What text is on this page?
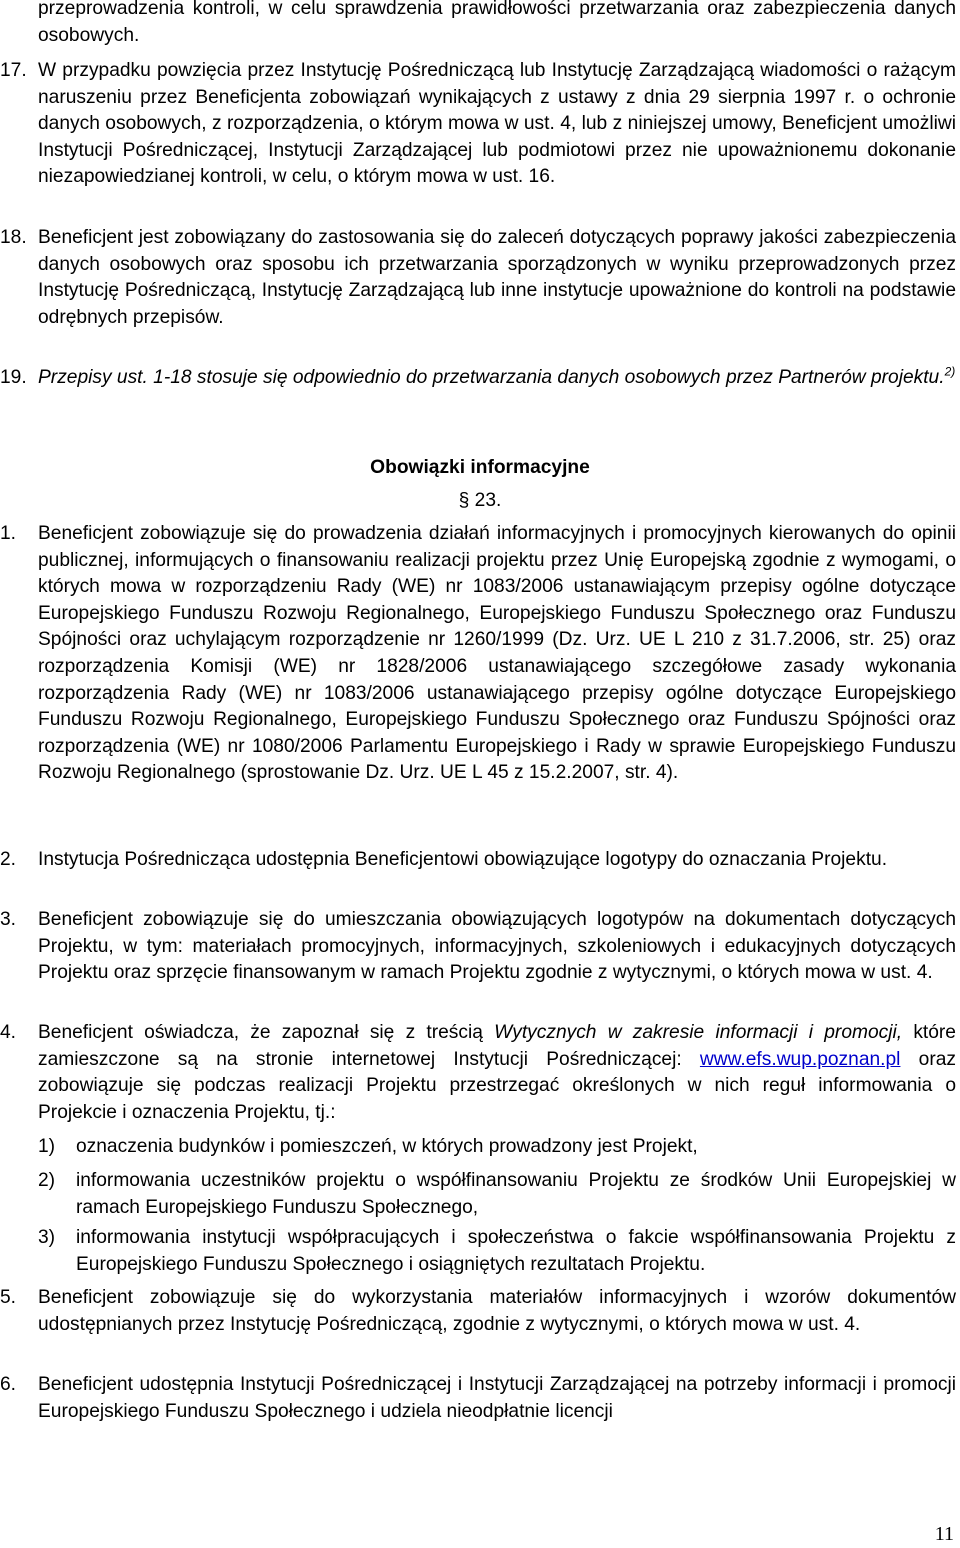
przeprowadzenia kontroli, w celu sprawdzenia prawidłowości przetwarzania oraz zabezpieczenia danych osobowych.

17. W przypadku powzięcia przez Instytucję Pośredniczącą lub Instytucję Zarządzającą wiadomości o rażącym naruszeniu przez Beneficjenta zobowiązań wynikających z ustawy z dnia 29 sierpnia 1997 r. o ochronie danych osobowych, z rozporządzenia, o którym mowa w ust. 4, lub z niniejszej umowy, Beneficjent umożliwi Instytucji Pośredniczącej, Instytucji Zarządzającej lub podmiotowi przez nie upoważnionemu dokonanie niezapowiedzianej kontroli, w celu, o którym mowa w ust. 16.
18. Beneficjent jest zobowiązany do zastosowania się do zaleceń dotyczących poprawy jakości zabezpieczenia danych osobowych oraz sposobu ich przetwarzania sporządzonych w wyniku przeprowadzonych przez Instytucję Pośredniczącą, Instytucję Zarządzającą lub inne instytucje upoważnione do kontroli na podstawie odrębnych przepisów.
19. Przepisy ust. 1-18 stosuje się odpowiednio do przetwarzania danych osobowych przez Partnerów projektu.$^{2)}$

Obowiązki informacyjne

§ 23.

1. Beneficjent zobowiązuje się do prowadzenia działań informacyjnych i promocyjnych kierowanych do opinii publicznej, informujących o finansowaniu realizacji projektu przez Unię Europejską zgodnie z wymogami, o których mowa w rozporządzeniu Rady (WE) nr 1083/2006 ustanawiającym przepisy ogólne dotyczące Europejskiego Funduszu Rozwoju Regionalnego, Europejskiego Funduszu Społecznego oraz Funduszu Spójności oraz uchylającym rozporządzenie nr 1260/1999 (Dz. Urz. UE L 210 z 31.7.2006, str. 25) oraz rozporządzenia Komisji (WE) nr 1828/2006 ustanawiającego szczegółowe zasady wykonania rozporządzenia Rady (WE) nr 1083/2006 ustanawiającego przepisy ogólne dotyczące Europejskiego Funduszu Rozwoju Regionalnego, Europejskiego Funduszu Społecznego oraz Funduszu Spójności oraz rozporządzenia (WE) nr 1080/2006 Parlamentu Europejskiego i Rady w sprawie Europejskiego Funduszu Rozwoju Regionalnego (sprostowanie Dz. Urz. UE L 45 z 15.2.2007, str. 4).
2. Instytucja Pośrednicząca udostępnia Beneficjentowi obowiązujące logotypy do oznaczania Projektu.
3. Beneficjent zobowiązuje się do umieszczania obowiązujących logotypów na dokumentach dotyczących Projektu, w tym: materiałach promocyjnych, informacyjnych, szkoleniowych i edukacyjnych dotyczących Projektu oraz sprzęcie finansowanym w ramach Projektu zgodnie z wytycznymi, o których mowa w ust. 4.
4. Beneficjent oświadcza, że zapoznał się z treścią Wytycznych w zakresie informacji i promocji, które zamieszczone są na stronie internetowej Instytucji Pośredniczącej: www.efs.wup.poznan.pl oraz zobowiązuje się podczas realizacji Projektu przestrzegać określonych w nich reguł informowania o Projekcie i oznaczenia Projektu, tj.:
1) oznaczenia budynków i pomieszczeń, w których prowadzony jest Projekt,
2) informowania uczestników projektu o współfinansowaniu Projektu ze środków Unii Europejskiej w ramach Europejskiego Funduszu Społecznego,
3) informowania instytucji współpracujących i społeczeństwa o fakcie współfinansowania Projektu z Europejskiego Funduszu Społecznego i osiągniętych rezultatach Projektu.
5. Beneficjent zobowiązuje się do wykorzystania materiałów informacyjnych i wzorów dokumentów udostępnianych przez Instytucję Pośredniczącą, zgodnie z wytycznymi, o których mowa w ust. 4.
6. Beneficjent udostępnia Instytucji Pośredniczącej i Instytucji Zarządzającej na potrzeby informacji i promocji Europejskiego Funduszu Społecznego i udziela nieodpłatnie licencji
11
